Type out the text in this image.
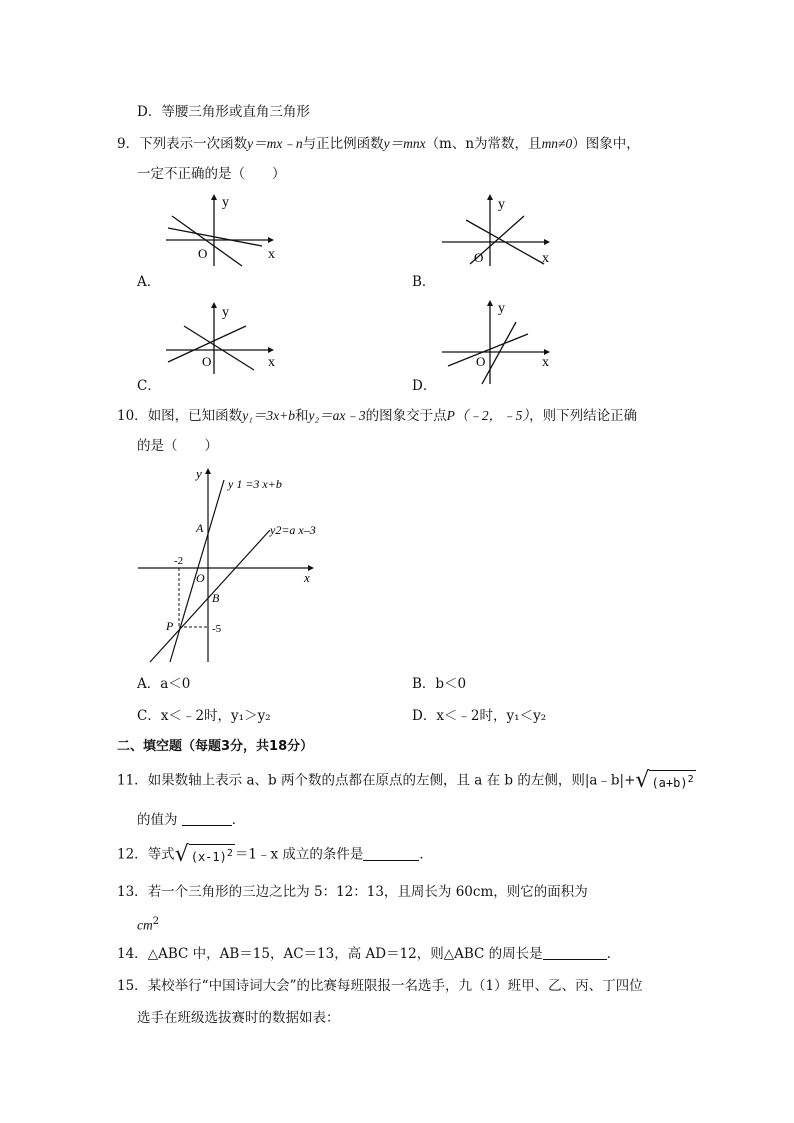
D．等腰三角形或直角三角形
9．下列表示一次函数y＝mx﹣n与正比例函数y＝mnx（m、n为常数，且mn≠0）图象中，
一定不正确的是（　　）
y
x
O
A．
y
x
O
B．
y
x
O
C．
y
x
O
D．
10．如图，已知函数y₁＝3x+b和y₂＝ax﹣3的图象交于点P（﹣2，﹣5），则下列结论正确
的是（　　）
y
x
O
A
B
P
-2
-5
y 1 =3 x+b
y2=a x–3
A．a＜0	B．b＜0
C．x＜﹣2时，y₁＞y₂	D．x＜﹣2时，y₁＜y₂
二、填空题（每题3分，共18分）
11．如果数轴上表示 a、b 两个数的点都在原点的左侧，且 a 在 b 的左侧，则|a﹣b|+ √ $(a+b)^2$
的值为	．
12．等式 √ $(x-1)^2$ ＝1﹣x 成立的条件是	．
13．若一个三角形的三边之比为 5：12：13，且周长为 60cm，则它的面积为
$cm^2$
14．△ABC 中，AB＝15，AC＝13，高 AD＝12，则△ABC 的周长是	．
15．某校举行“中国诗词大会”的比赛每班限报一名选手，九（1）班甲、乙、丙、丁四位
选手在班级选拔赛时的数据如表：
